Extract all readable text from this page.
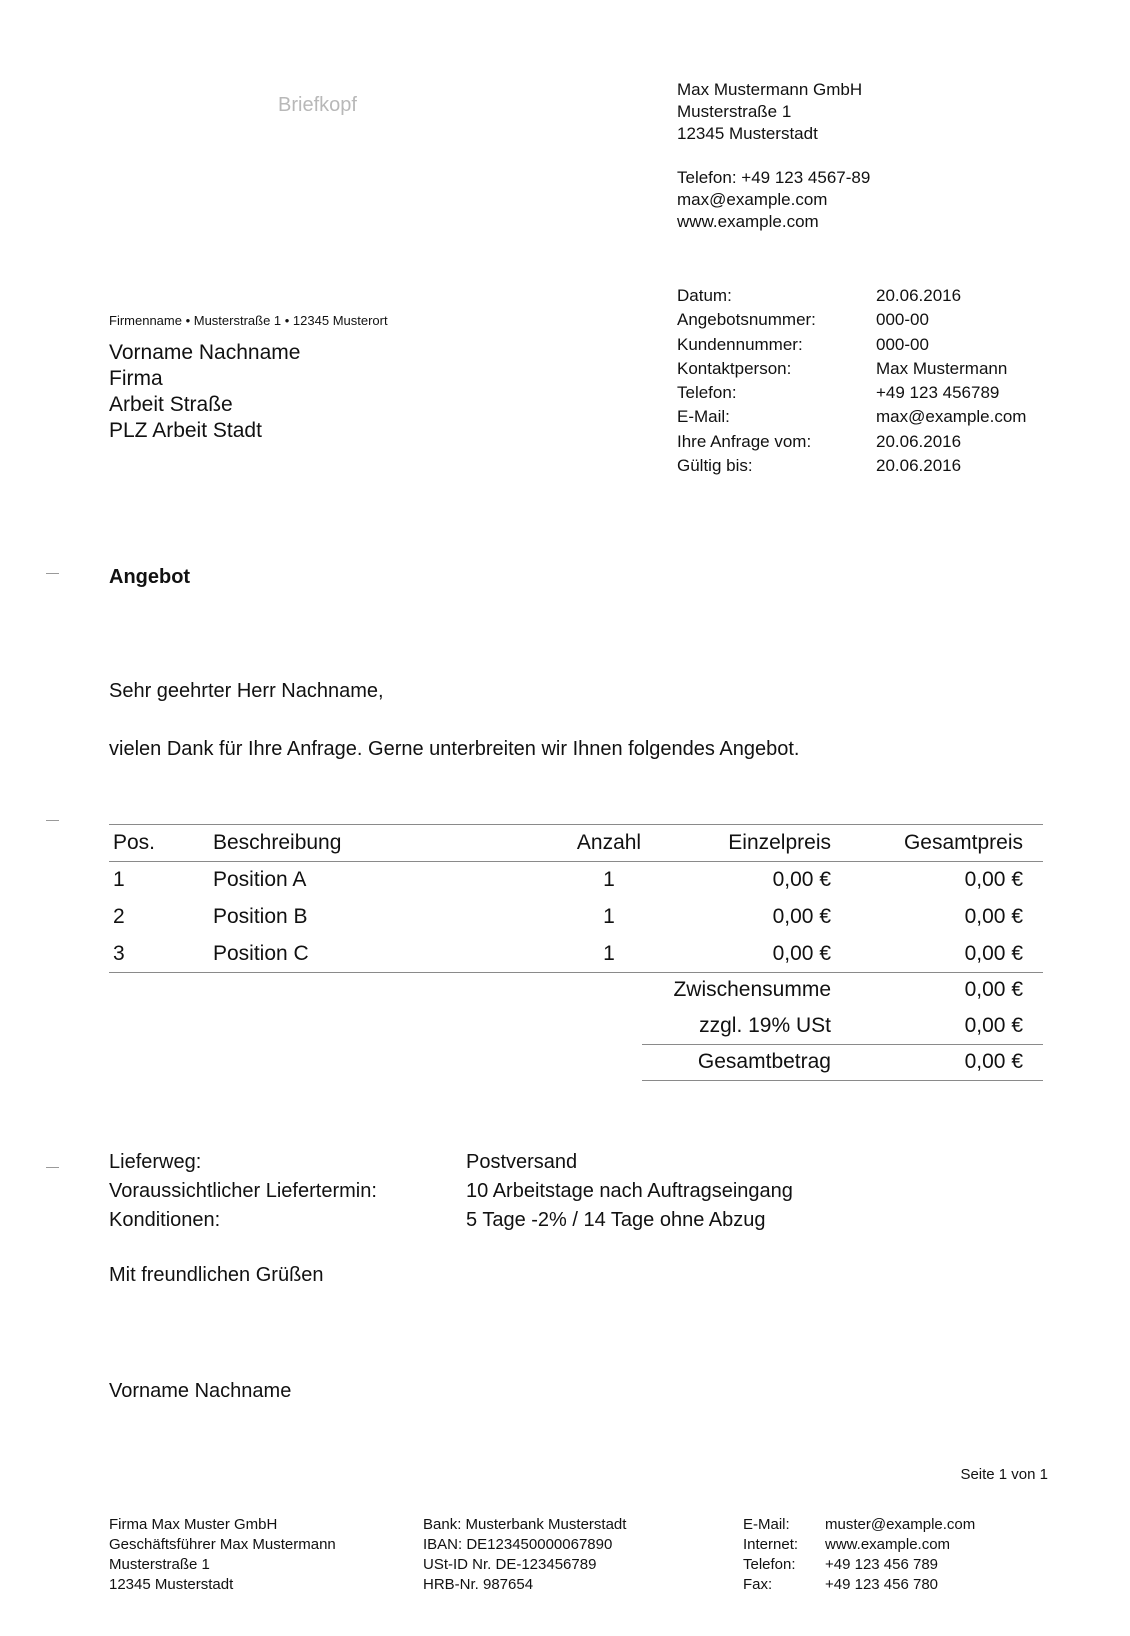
Briefkopf
Max Mustermann GmbH
Musterstraße 1
12345 Musterstadt
Telefon: +49 123 4567-89
max@example.com
www.example.com
Firmenname • Musterstraße 1 • 12345 Musterort
Vorname Nachname
Firma
Arbeit Straße
PLZ Arbeit Stadt
Datum:	20.06.2016
Angebotsnummer:	000-00
Kundennummer:	000-00
Kontaktperson:	Max Mustermann
Telefon:	+49 123 456789
E-Mail:	max@example.com
Ihre Anfrage vom:	20.06.2016
Gültig bis:	20.06.2016
Angebot
Sehr geehrter Herr Nachname,
vielen Dank für Ihre Anfrage. Gerne unterbreiten wir Ihnen folgendes Angebot.
Pos.	Beschreibung	Anzahl	Einzelpreis	Gesamtpreis
1	Position A	1	0,00 €	0,00 €
2	Position B	1	0,00 €	0,00 €
3	Position C	1	0,00 €	0,00 €
Zwischensumme	0,00 €
zzgl. 19% USt	0,00 €
Gesamtbetrag	0,00 €
Lieferweg:	Postversand
Voraussichtlicher Liefertermin:	10 Arbeitstage nach Auftragseingang
Konditionen:	5 Tage -2% / 14 Tage ohne Abzug
Mit freundlichen Grüßen
Vorname Nachname
Seite 1 von 1
Firma Max Muster GmbH
Geschäftsführer Max Mustermann
Musterstraße 1
12345 Musterstadt
Bank: Musterbank Musterstadt
IBAN: DE123450000067890
USt-ID Nr. DE-123456789
HRB-Nr. 987654
E-Mail:	muster@example.com
Internet:	www.example.com
Telefon:	+49 123 456 789
Fax:	+49 123 456 780
